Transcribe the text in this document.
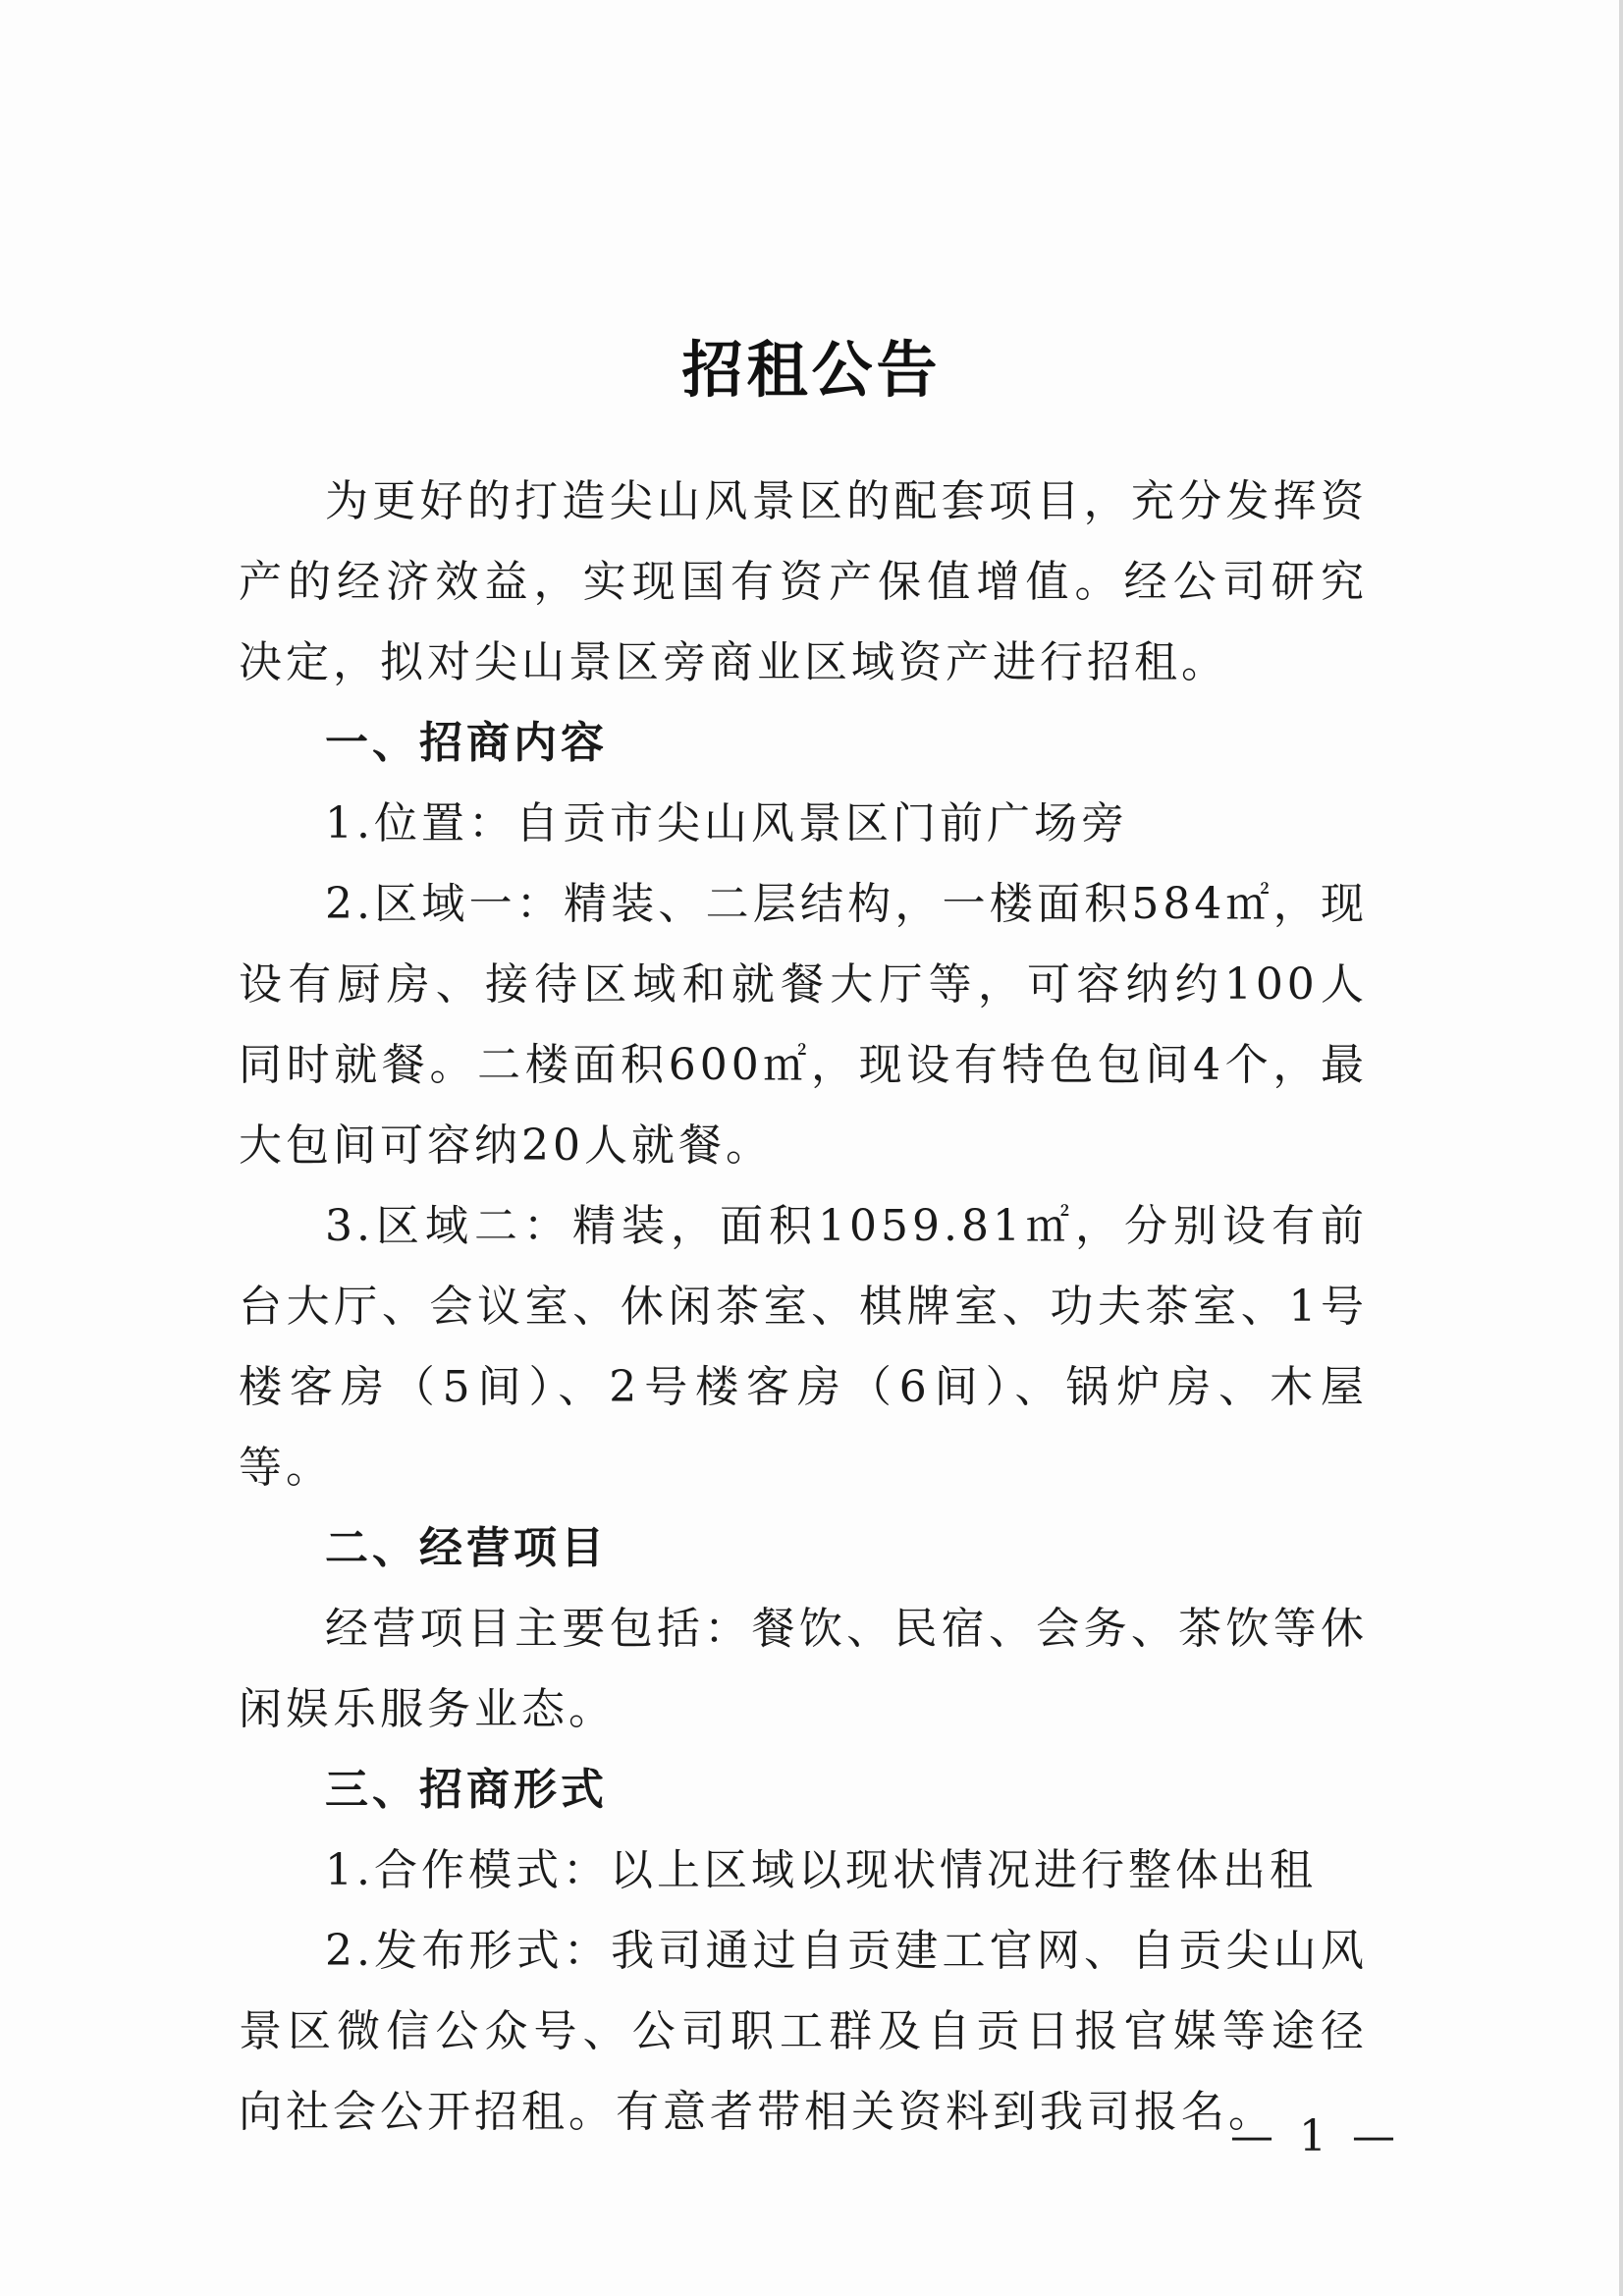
招租公告

为更好的打造尖山风景区的配套项目，充分发挥资产的经济效益，实现国有资产保值增值。经公司研究决定，拟对尖山景区旁商业区域资产进行招租。

一、招商内容

1.位置：自贡市尖山风景区门前广场旁

2.区域一：精装、二层结构，一楼面积584㎡，现设有厨房、接待区域和就餐大厅等，可容纳约100人同时就餐。二楼面积600㎡，现设有特色包间4个，最大包间可容纳20人就餐。

3.区域二：精装，面积1059.81㎡，分别设有前台大厅、会议室、休闲茶室、棋牌室、功夫茶室、1号楼客房（5间）、2号楼客房（6间）、锅炉房、木屋等。

二、经营项目

经营项目主要包括：餐饮、民宿、会务、茶饮等休闲娱乐服务业态。

三、招商形式

1.合作模式：以上区域以现状情况进行整体出租

2.发布形式：我司通过自贡建工官网、自贡尖山风景区微信公众号、公司职工群及自贡日报官媒等途径向社会公开招租。有意者带相关资料到我司报名。

— 1 —
